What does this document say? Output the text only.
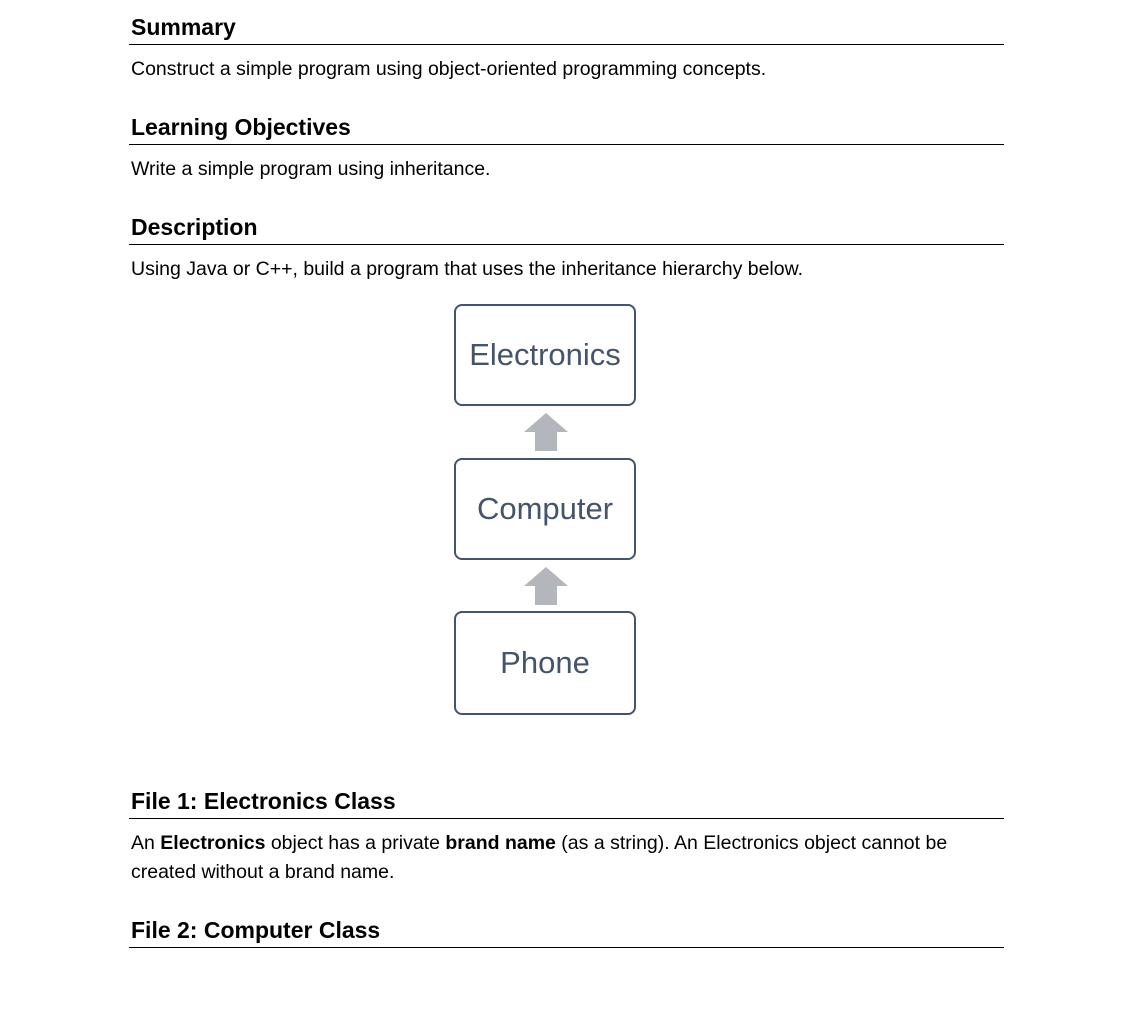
Summary

Construct a simple program using object-oriented programming concepts.

Learning Objectives

Write a simple program using inheritance.

Description

Using Java or C++, build a program that uses the inheritance hierarchy below.

File 1: Electronics Class

An Electronics object has a private brand name (as a string). An Electronics object cannot be created without a brand name.

File 2: Computer Class
Electronics
Computer
Phone
